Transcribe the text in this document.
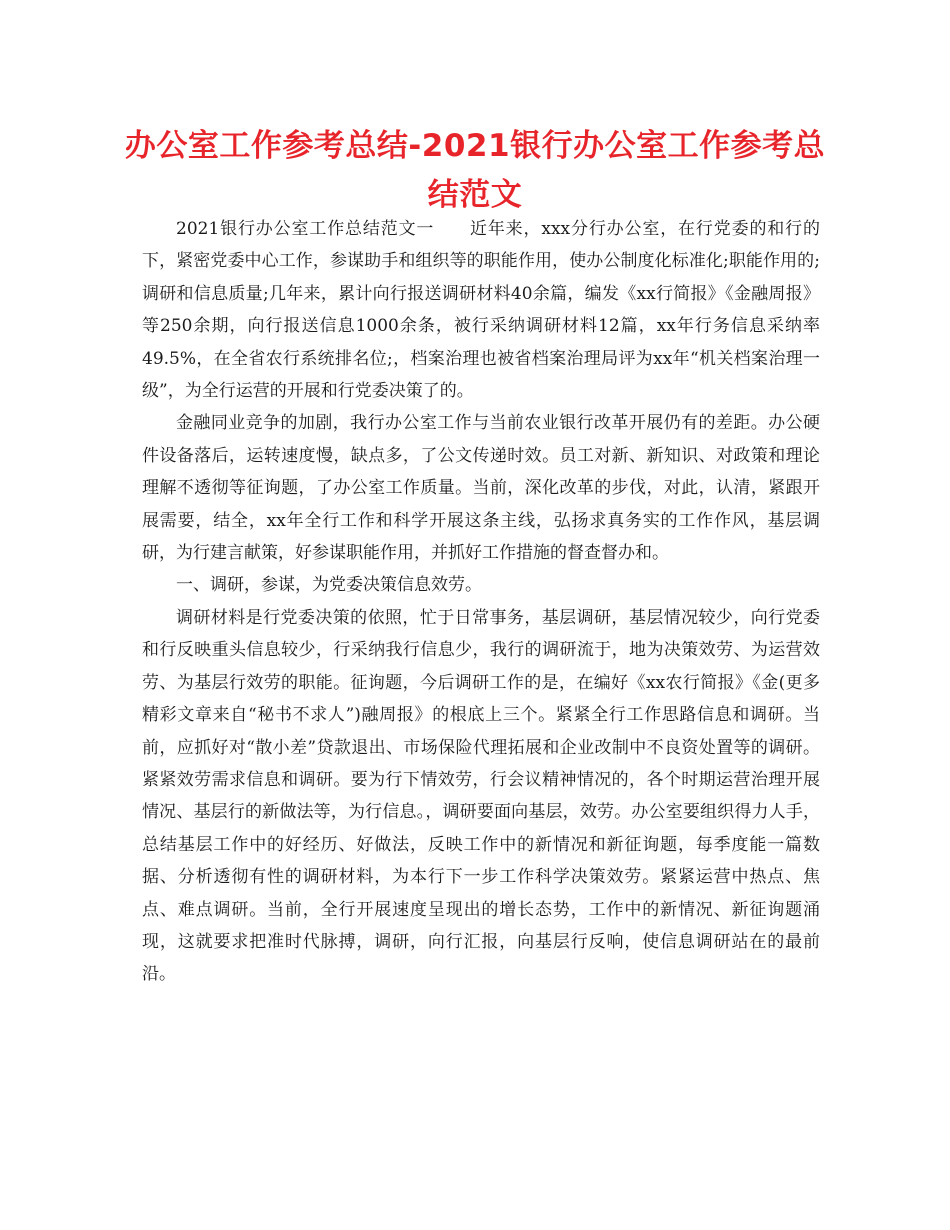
办公室工作参考总结-2021银行办公室工作参考总结范文

2021银行办公室工作总结范文一　　近年来，xxx分行办公室，在行党委的和行的下，紧密党委中心工作，参谋助手和组织等的职能作用，使办公制度化标准化;职能作用的;调研和信息质量;几年来，累计向行报送调研材料40余篇，编发《xx行简报》《金融周报》等250余期，向行报送信息1000余条，被行采纳调研材料12篇，xx年行务信息采纳率49.5%，在全省农行系统排名位;，档案治理也被省档案治理局评为xx年“机关档案治理一级”，为全行运营的开展和行党委决策了的。

金融同业竞争的加剧，我行办公室工作与当前农业银行改革开展仍有的差距。办公硬件设备落后，运转速度慢，缺点多，了公文传递时效。员工对新、新知识、对政策和理论理解不透彻等征询题，了办公室工作质量。当前，深化改革的步伐，对此，认清，紧跟开展需要，结全，xx年全行工作和科学开展这条主线，弘扬求真务实的工作作风，基层调研，为行建言献策，好参谋职能作用，并抓好工作措施的督查督办和。

一、调研，参谋，为党委决策信息效劳。

调研材料是行党委决策的依照，忙于日常事务，基层调研，基层情况较少，向行党委和行反映重头信息较少，行采纳我行信息少，我行的调研流于，地为决策效劳、为运营效劳、为基层行效劳的职能。征询题，今后调研工作的是，在编好《xx农行简报》《金(更多精彩文章来自“秘书不求人”)融周报》的根底上三个。紧紧全行工作思路信息和调研。当前，应抓好对“散小差”贷款退出、市场保险代理拓展和企业改制中不良资处置等的调研。紧紧效劳需求信息和调研。要为行下情效劳，行会议精神情况的，各个时期运营治理开展情况、基层行的新做法等，为行信息。，调研要面向基层，效劳。办公室要组织得力人手，总结基层工作中的好经历、好做法，反映工作中的新情况和新征询题，每季度能一篇数据、分析透彻有性的调研材料，为本行下一步工作科学决策效劳。紧紧运营中热点、焦点、难点调研。当前，全行开展速度呈现出的增长态势，工作中的新情况、新征询题涌现，这就要求把准时代脉搏，调研，向行汇报，向基层行反响，使信息调研站在的最前沿。
